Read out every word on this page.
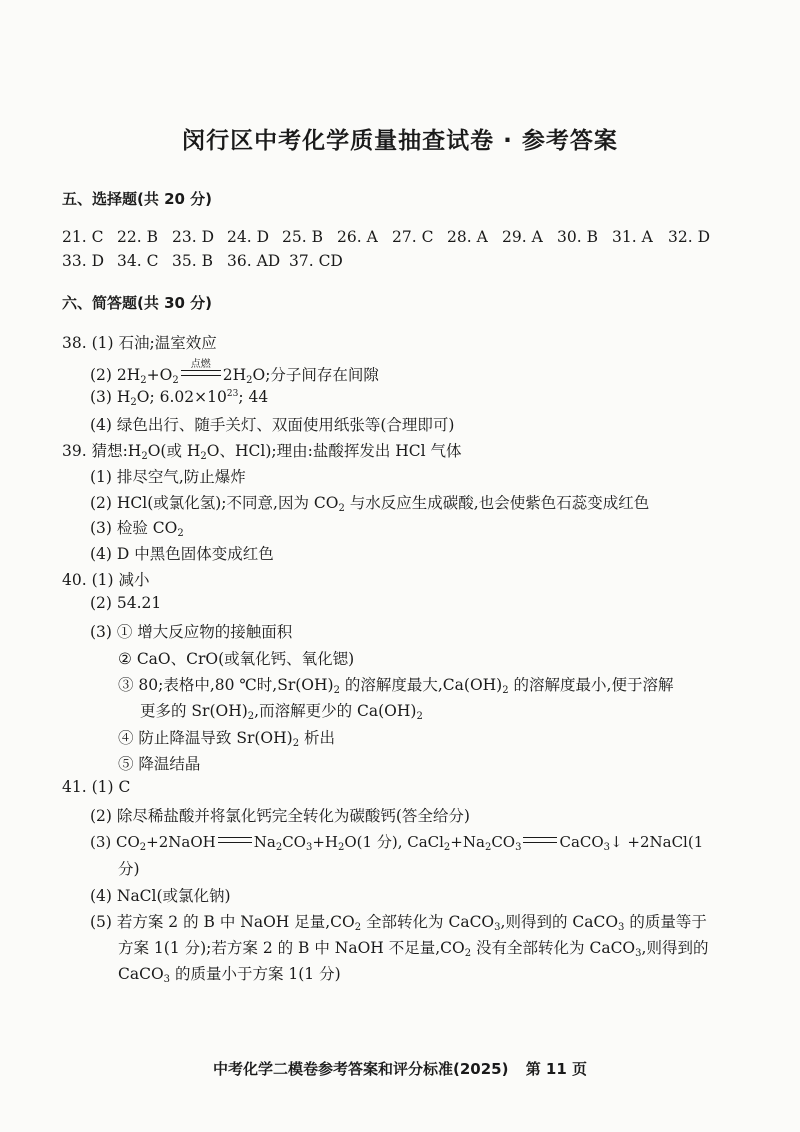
闵行区中考化学质量抽查试卷 · 参考答案
五、选择题(共 20 分)
21. C 22. B 23. D 24. D 25. B 26. A 27. C 28. A 29. A 30. B 31. A 32. D
33. D 34. C 35. B 36. AD 37. CD
六、简答题(共 30 分)
38. (1) 石油;温室效应
(2) $2H_2+O_2$
点燃
$2H_2O$;分子间存在间隙
(3) $H_2O$; $6.02\times 10^{23}$; 44
(4) 绿色出行、随手关灯、双面使用纸张等(合理即可)
39. 猜想$:H_2O$(或 $H_2O$、HCl);理由:盐酸挥发出 HCl 气体
(1) 排尽空气,防止爆炸
(2) HCl(或氯化氢);不同意,因为 $CO_2$ 与水反应生成碳酸,也会使紫色石蕊变成红色
(3) 检验 $CO_2$
(4) D 中黑色固体变成红色
40. (1) 减小
(2) 54.21
(3) ① 增大反应物的接触面积
② CaO、CrO(或氧化钙、氧化锶)
③ 80;表格中,80 ℃时$,Sr(OH)_2$ 的溶解度最大$,Ca(OH)_2$ 的溶解度最小,便于溶解
更多的 $Sr(OH)_2$,而溶解更少的 $Ca(OH)_2$
④ 防止降温导致 $Sr(OH)_2$ 析出
⑤ 降温结晶
41. (1) C
(2) 除尽稀盐酸并将氯化钙完全转化为碳酸钙(答全给分)
(3) $CO_2+2NaOH$	$Na_2CO_3+H_2O(1$ 分), $CaCl_2+Na_2CO_3$	CaCO$_3$↓ +2NaCl(1
分)
(4) NaCl(或氯化钠)
(5) 若方案 2 的 B 中 NaOH 足量$,CO_2$ 全部转化为 CaCO$_3$,则得到的 CaCO$_3$ 的质量等于
方案 1(1 分);若方案 2 的 B 中 NaOH 不足量$,CO_2$ 没有全部转化为 CaCO$_3$,则得到的
CaCO$_3$ 的质量小于方案 1(1 分)
中考化学二模卷参考答案和评分标准(2025) 第 11 页
